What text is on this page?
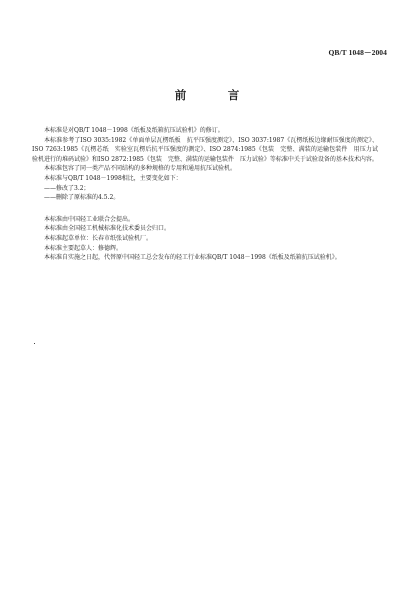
QB/T 1048－2004
前　言

本标准是对QB/T 1048－1998《纸板及纸箱抗压试验机》的修订。

本标准参考了ISO 3035:1982《单面单层瓦楞纸板　抗平压强度测定》、ISO 3037:1987《瓦楞纸板边缘耐压强度的测定》、ISO 7263:1985《瓦楞芯纸　实验室瓦楞后抗平压强度的测定》、ISO 2874:1985《包装　完整、满装的运输包装件　用压力试验机进行的堆码试验》和ISO 2872:1985《包装　完整、满装的运输包装件　压力试验》等标准中关于试验设备的基本技术内容。

本标准包容了同一类产品不同结构的多种规格的专用和通用抗压试验机。

本标准与QB/T 1048－1998相比，主要变化如下：

——修改了3.2；

——删除了原标准的4.5.2。

本标准由中国轻工业联合会提出。

本标准由全国轻工机械标准化技术委员会归口。

本标准起草单位：长春市纸张试验机厂。

本标准主要起草人：修德辉。

本标准自实施之日起，代替原中国轻工总会发布的轻工行业标准QB/T 1048－1998《纸板及纸箱抗压试验机》。
